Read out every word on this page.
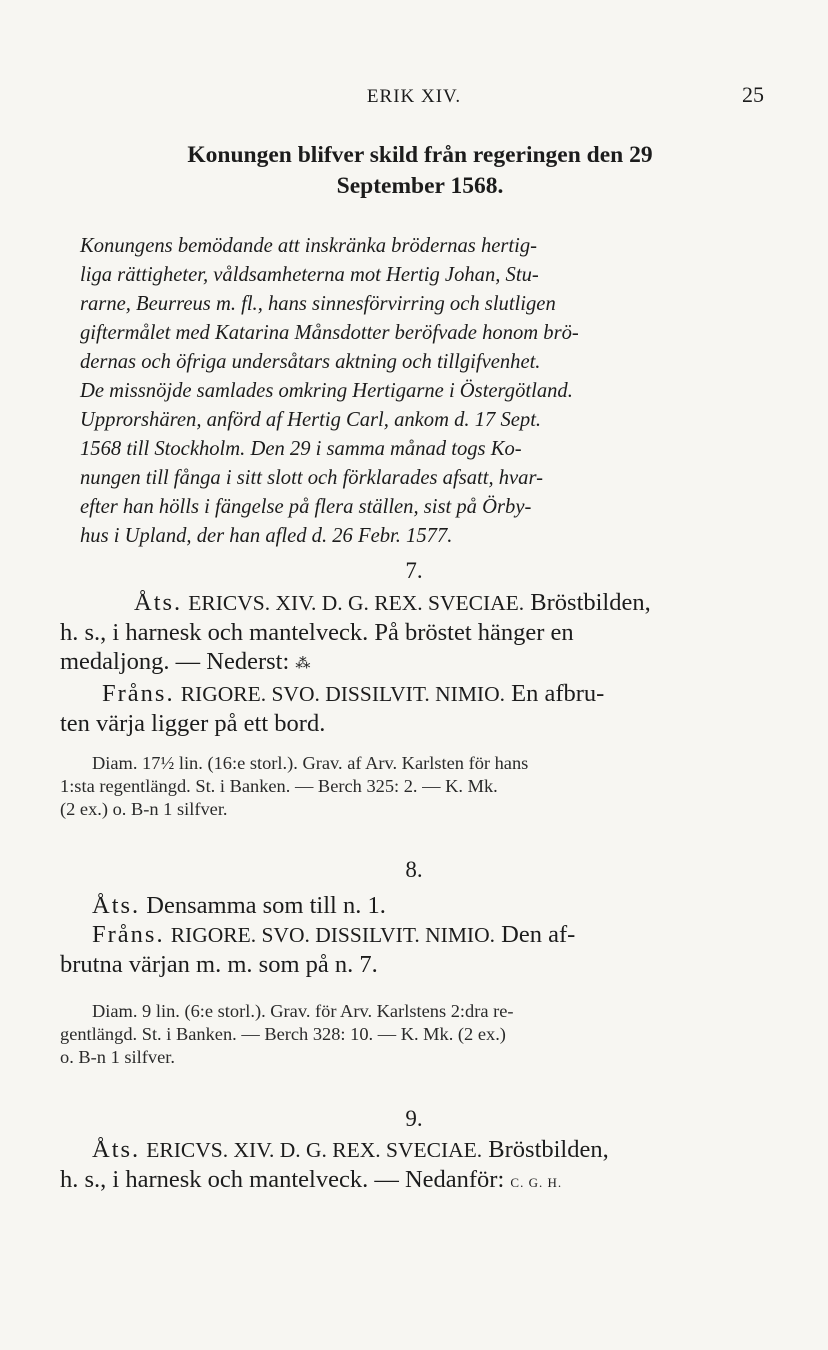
ERIK XIV.	25
Konungen blifver skild från regeringen den 29
September 1568.
Konungens bemödande att inskränka brödernas hertig-
liga rättigheter, våldsamheterna mot Hertig Johan, Stu-
rarne, Beurreus m. fl., hans sinnesförvirring och slutligen
giftermålet med Katarina Månsdotter beröfvade honom brö-
dernas och öfriga undersåtars aktning och tillgifvenhet.
De missnöjde samlades omkring Hertigarne i Östergötland.
Upprorshären, anförd af Hertig Carl, ankom d. 17 Sept.
1568 till Stockholm. Den 29 i samma månad togs Ko-
nungen till fånga i sitt slott och förklarades afsatt, hvar-
efter han hölls i fängelse på flera ställen, sist på Örby-
hus i Upland, der han afled d. 26 Febr. 1577.
7.
Åts. ERICVS. XIV. D. G. REX. SVECIAE. Bröstbilden,
h. s., i harnesk och mantelveck. På bröstet hänger en
medaljong. — Nederst: ⁂
Fråns. RIGORE. SVO. DISSILVIT. NIMIO. En afbru-
ten värja ligger på ett bord.
Diam. 17½ lin. (16:e storl.). Grav. af Arv. Karlsten för hans
1:sta regentlängd. St. i Banken. — Berch 325: 2. — K. Mk.
(2 ex.) o. B-n 1 silfver.
8.
Åts. Densamma som till n. 1.
Fråns. RIGORE. SVO. DISSILVIT. NIMIO. Den af-
brutna värjan m. m. som på n. 7.
Diam. 9 lin. (6:e storl.). Grav. för Arv. Karlstens 2:dra re-
gentlängd. St. i Banken. — Berch 328: 10. — K. Mk. (2 ex.)
o. B-n 1 silfver.
9.
Åts. ERICVS. XIV. D. G. REX. SVECIAE. Bröstbilden,
h. s., i harnesk och mantelveck. — Nedanför: C. G. H.
